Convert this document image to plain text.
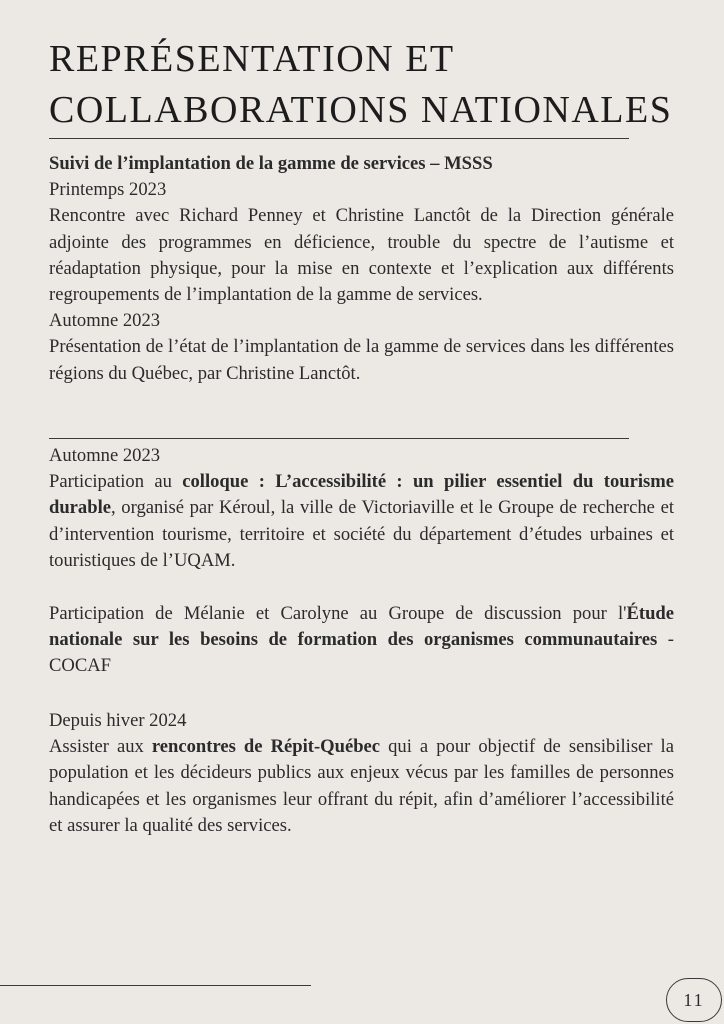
REPRÉSENTATION ET
COLLABORATIONS NATIONALES

Suivi de l’implantation de la gamme de services – MSSS

Printemps 2023

Rencontre avec Richard Penney et Christine Lanctôt de la Direction générale adjointe des programmes en déficience, trouble du spectre de l’autisme et réadaptation physique, pour la mise en contexte et l’explication aux différents regroupements de l’implantation de la gamme de services.

Automne 2023

Présentation de l’état de l’implantation de la gamme de services dans les différentes régions du Québec, par Christine Lanctôt.

Automne 2023

Participation au colloque : L’accessibilité : un pilier essentiel du tourisme durable, organisé par Kéroul, la ville de Victoriaville et le Groupe de recherche et d’intervention tourisme, territoire et société du département d’études urbaines et touristiques de l’UQAM.

Participation de Mélanie et Carolyne au Groupe de discussion pour l'Étude nationale sur les besoins de formation des organismes communautaires - COCAF

Depuis hiver 2024

Assister aux rencontres de Répit-Québec qui a pour objectif de sensibiliser la population et les décideurs publics aux enjeux vécus par les familles de personnes handicapées et les organismes leur offrant du répit, afin d’améliorer l’accessibilité et assurer la qualité des services.

11
